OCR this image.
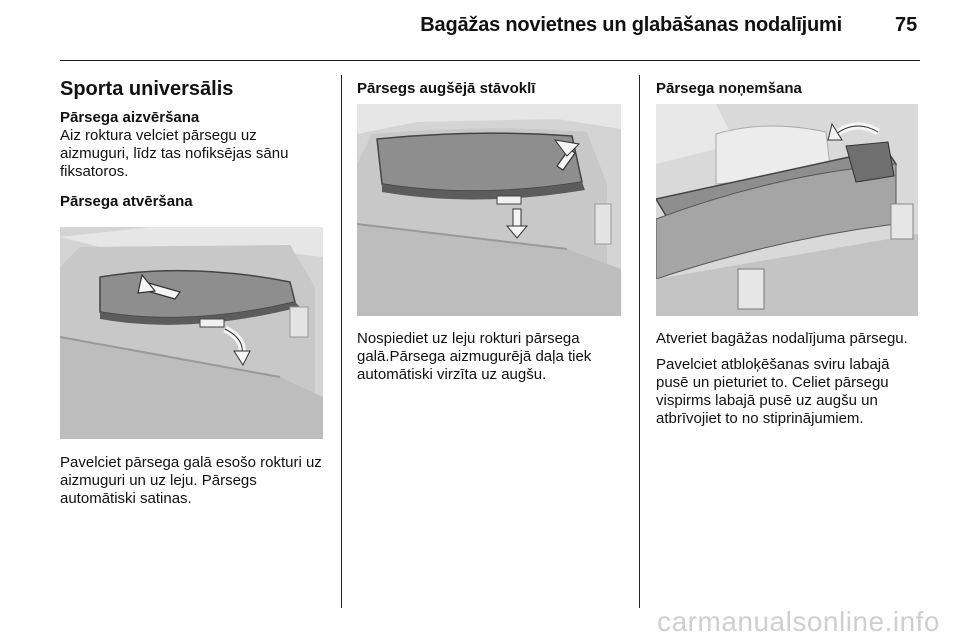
Bagāžas novietnes un glabāšanas nodalījumi	75
Sporta universālis
Pārsega aizvēršana

Aiz roktura velciet pārsegu uz aizmuguri, līdz tas nofiksējas sānu fiksatoros.

Pārsega atvēršana

Pavelciet pārsega galā esošo rokturi uz aizmuguri un uz leju. Pārsegs automātiski satinas.

Pārsegs augšējā stāvoklī

Nospiediet uz leju rokturi pārsega galā.Pārsega aizmugurējā daļa tiek automātiski virzīta uz augšu.

Pārsega noņemšana

Atveriet bagāžas nodalījuma pārsegu.

Pavelciet atbloķēšanas sviru labajā pusē un pieturiet to. Celiet pārsegu vispirms labajā pusē uz augšu un atbrīvojiet to no stiprinājumiem.

carmanualsonline.info
